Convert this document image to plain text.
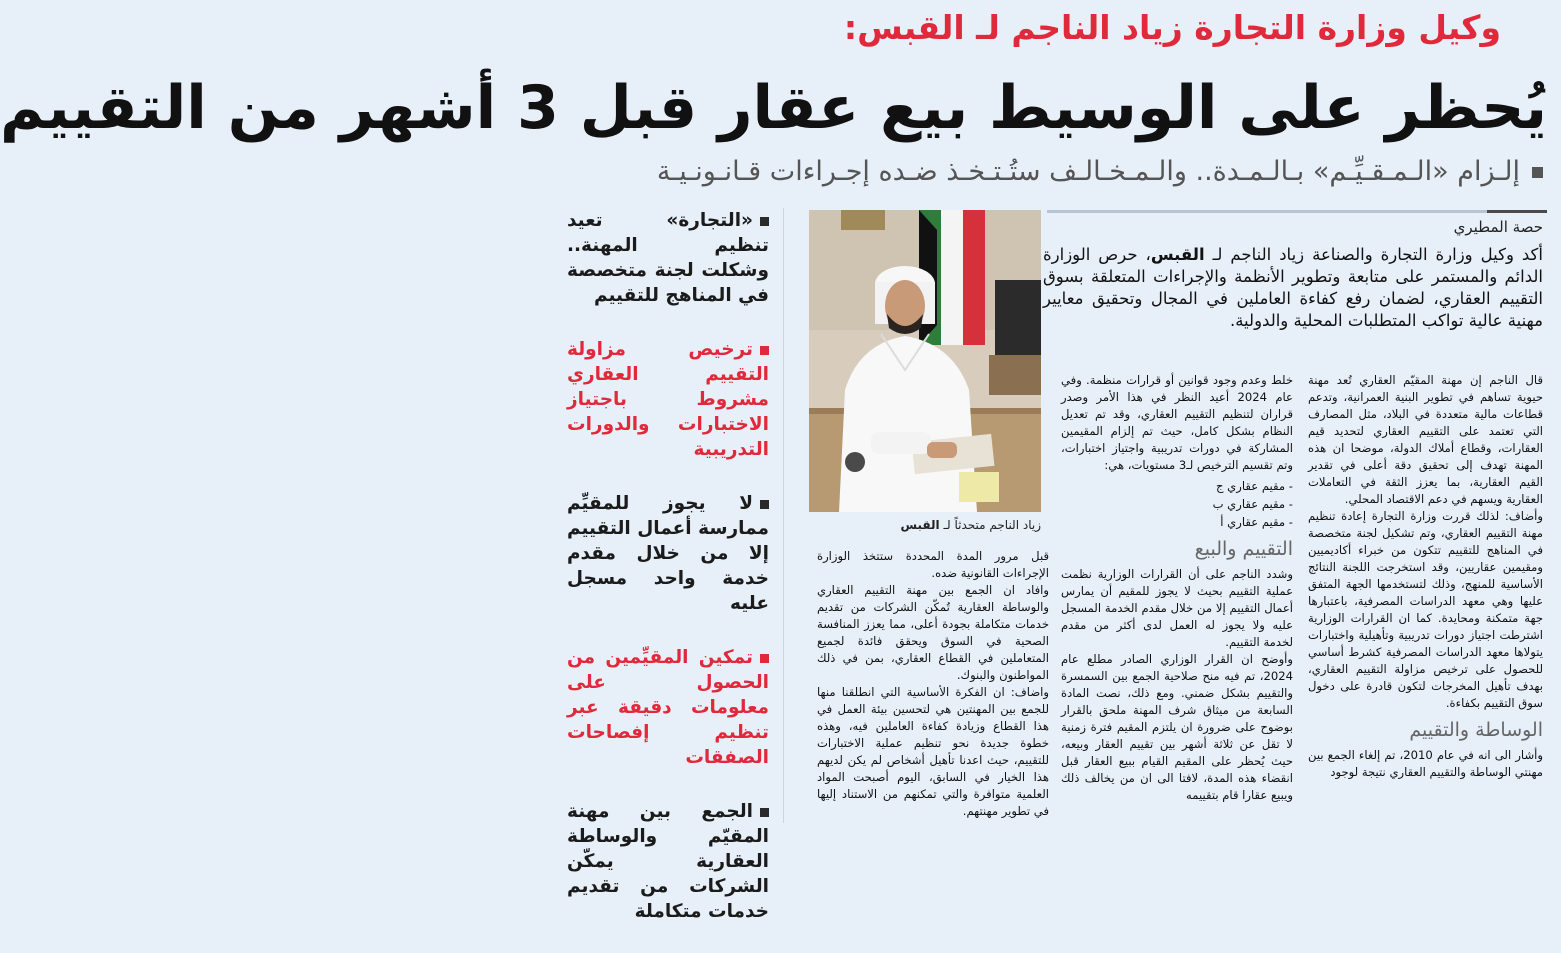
وكيل وزارة التجارة زياد الناجم لـ القبس:
يُحظر على الوسيط بيع عقار قبل 3 أشهر من التقييم
إلـزام «الـمـقـيِّـم» بـالـمـدة.. والـمـخـالـف ستُـتـخـذ ضـده إجـراءات قـانـونـيـة
حصة المطيري

أكد وكيل وزارة التجارة والصناعة زياد الناجم لـ القبس، حرص الوزارة الدائم والمستمر على متابعة وتطوير الأنظمة والإجراءات المتعلقة بسوق التقييم العقاري، لضمان رفع كفاءة العاملين في المجال وتحقيق معايير مهنية عالية تواكب المتطلبات المحلية والدولية.

قال الناجم إن مهنة المقيّم العقاري تُعد مهنة حيوية تساهم في تطوير البنية العمرانية، وتدعم قطاعات مالية متعددة في البلاد، مثل المصارف التي تعتمد على التقييم العقاري لتحديد قيم العقارات، وقطاع أملاك الدولة، موضحا ان هذه المهنة تهدف إلى تحقيق دقة أعلى في تقدير القيم العقارية، بما يعزز الثقة في التعاملات العقارية ويسهم في دعم الاقتصاد المحلي.

وأضاف: لذلك قررت وزارة التجارة إعادة تنظيم مهنة التقييم العقاري، وتم تشكيل لجنة متخصصة في المناهج للتقييم تتكون من خبراء أكاديميين ومقيمين عقاريين، وقد استخرجت اللجنة النتائج الأساسية للمنهج، وذلك لتستخدمها الجهة المتفق عليها وهي معهد الدراسات المصرفية، باعتبارها جهة متمكنة ومحايدة. كما ان القرارات الوزارية اشترطت اجتياز دورات تدريبية وتأهيلية واختبارات يتولاها معهد الدراسات المصرفية كشرط أساسي للحصول على ترخيص مزاولة التقييم العقاري، بهدف تأهيل المخرجات لتكون قادرة على دخول سوق التقييم بكفاءة.

الوساطة والتقييم

وأشار الى انه في عام 2010، تم إلغاء الجمع بين مهنتي الوساطة والتقييم العقاري نتيجة لوجود

خلط وعدم وجود قوانين أو قرارات منظمة. وفي عام 2024 أعيد النظر في هذا الأمر وصدر قراران لتنظيم التقييم العقاري، وقد تم تعديل النظام بشكل كامل، حيث تم إلزام المقيمين المشاركة في دورات تدريبية واجتياز اختبارات، وتم تقسيم الترخيص لـ3 مستويات، هي:

- مقيم عقاري ج
- مقيم عقاري ب
- مقيم عقاري أ
التقييم والبيع

وشدد الناجم على أن القرارات الوزارية نظمت عملية التقييم بحيث لا يجوز للمقيم أن يمارس أعمال التقييم إلا من خلال مقدم الخدمة المسجل عليه ولا يجوز له العمل لدى أكثر من مقدم لخدمة التقييم.

وأوضح ان القرار الوزاري الصادر مطلع عام 2024، تم فيه منح صلاحية الجمع بين السمسرة والتقييم بشكل ضمني. ومع ذلك، نصت المادة السابعة من ميثاق شرف المهنة ملحق بالقرار بوضوح على ضرورة ان يلتزم المقيم فترة زمنية لا تقل عن ثلاثة أشهر بين تقييم العقار وبيعه، حيث يُحظر على المقيم القيام ببيع العقار قبل انقضاء هذه المدة، لافتا الى ان من يخالف ذلك ويبيع عقارا قام بتقييمه

زياد الناجم متحدثاً لـ القبس

قبل مرور المدة المحددة ستتخذ الوزارة الإجراءات القانونية ضده.

وافاد ان الجمع بين مهنة التقييم العقاري والوساطة العقارية تُمكّن الشركات من تقديم خدمات متكاملة بجودة أعلى، مما يعزز المنافسة الصحية في السوق ويحقق فائدة لجميع المتعاملين في القطاع العقاري، بمن في ذلك المواطنون والبنوك.

واضاف: ان الفكرة الأساسية التي انطلقنا منها للجمع بين المهنتين هي لتحسين بيئة العمل في هذا القطاع وزيادة كفاءة العاملين فيه، وهذه خطوة جديدة نحو تنظيم عملية الاختبارات للتقييم، حيث اعدنا تأهيل أشخاص لم يكن لديهم هذا الخيار في السابق، اليوم أصبحت المواد العلمية متوافرة والتي تمكنهم من الاستناد إليها في تطوير مهنتهم.

«التجارة» تعيد تنظيم المهنة.. وشكلت لجنة متخصصة في المناهج للتقييم

ترخيص مزاولة التقييم العقاري مشروط باجتياز الاختبارات والدورات التدريبية

لا يجوز للمقيِّم ممارسة أعمال التقييم إلا من خلال مقدم خدمة واحد مسجل عليه

تمكين المقيِّمين من الحصول على معلومات دقيقة عبر تنظيم إفصاحات الصفقات

الجمع بين مهنة المقيّم والوساطة العقارية يمكّن الشركات من تقديم خدمات متكاملة
